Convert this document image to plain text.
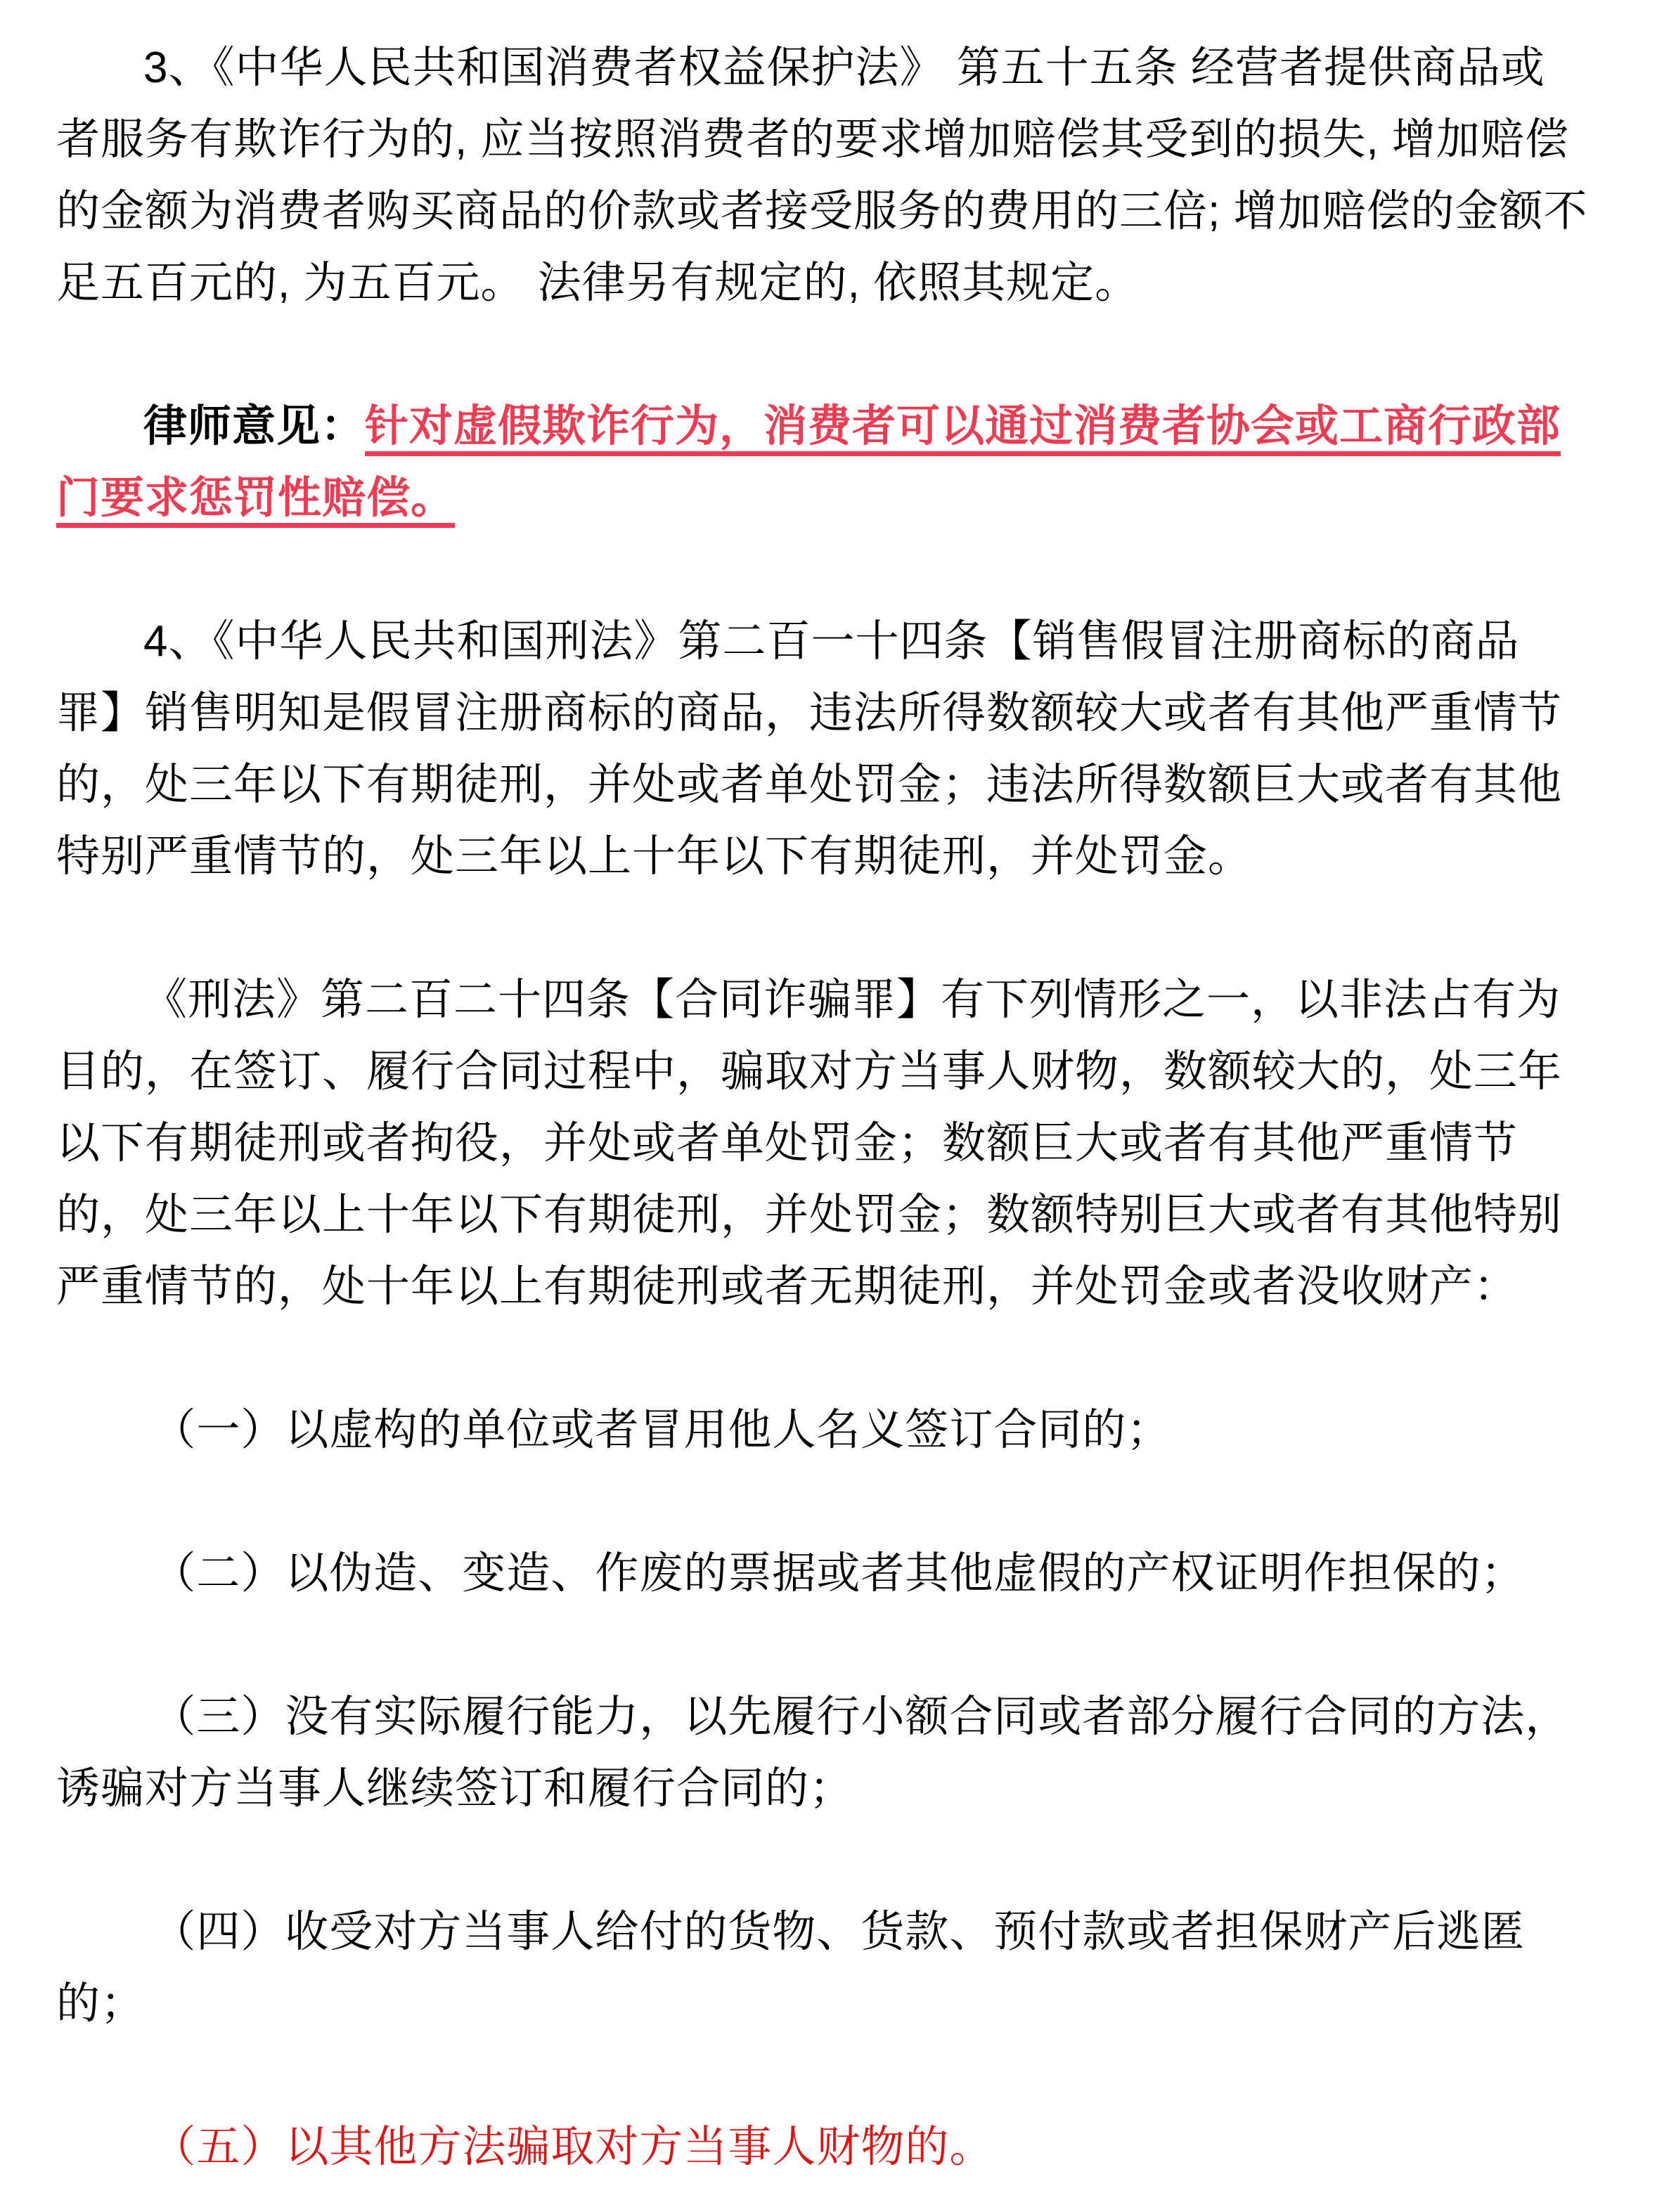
3、《中华人民共和国消费者权益保护法》 第五十五条 经营者提供商品或
者服务有欺诈行为的, 应当按照消费者的要求增加赔偿其受到的损失, 增加赔偿
的金额为消费者购买商品的价款或者接受服务的费用的三倍; 增加赔偿的金额不
足五百元的, 为五百元。 法律另有规定的, 依照其规定。
律师意见：针对虚假欺诈行为，消费者可以通过消费者协会或工商行政部
门要求惩罚性赔偿。
4、《中华人民共和国刑法》第二百一十四条【销售假冒注册商标的商品
罪】销售明知是假冒注册商标的商品，违法所得数额较大或者有其他严重情节
的，处三年以下有期徒刑，并处或者单处罚金；违法所得数额巨大或者有其他
特别严重情节的，处三年以上十年以下有期徒刑，并处罚金。
《刑法》第二百二十四条【合同诈骗罪】有下列情形之一，以非法占有为
目的，在签订、履行合同过程中，骗取对方当事人财物，数额较大的，处三年
以下有期徒刑或者拘役，并处或者单处罚金；数额巨大或者有其他严重情节
的，处三年以上十年以下有期徒刑，并处罚金；数额特别巨大或者有其他特别
严重情节的，处十年以上有期徒刑或者无期徒刑，并处罚金或者没收财产：
（一）以虚构的单位或者冒用他人名义签订合同的；
（二）以伪造、变造、作废的票据或者其他虚假的产权证明作担保的；
（三）没有实际履行能力，以先履行小额合同或者部分履行合同的方法，
诱骗对方当事人继续签订和履行合同的；
（四）收受对方当事人给付的货物、货款、预付款或者担保财产后逃匿
的；
（五）以其他方法骗取对方当事人财物的。
